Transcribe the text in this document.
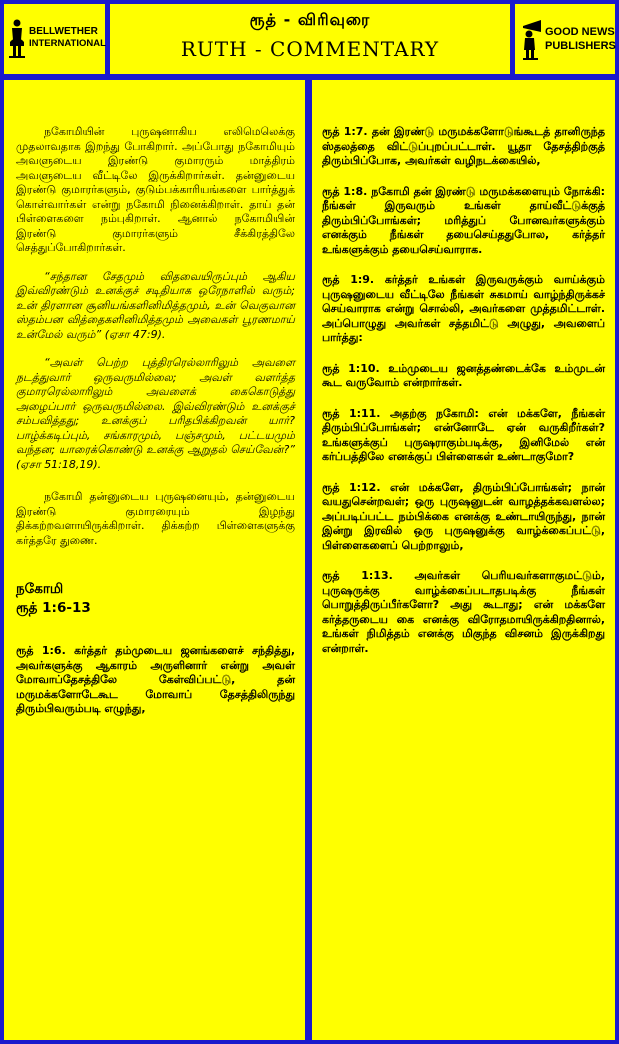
BELLWETHER
INTERNATIONAL
ரூத் - விரிவுரை
RUTH - COMMENTARY
GOOD NEWS
PUBLISHERS

நகோமியின் புருஷனாகிய எலிமெலெக்கு முதலாவதாக இறந்து போகிறார். அப்போது நகோமியும் அவளுடைய இரண்டு குமாரரும் மாத்திரம் அவளுடைய வீட்டிலே இருக்கிறார்கள். தன்னுடைய இரண்டு குமாரர்களும், குடும்பக்காரியங்களை பார்த்துக் கொள்வார்கள் என்று நகோமி நினைக்கிறாள். தாய் தன் பிள்ளைகளை நம்புகிறாள். ஆனால் நகோமியின் இரண்டு குமாரர்களும் சீக்கிரத்திலே செத்துப்போகிறார்கள்.

“சந்தான சேதமும் விதவையிருப்பும் ஆகிய இவ்விரண்டும் உனக்குச் சடிதியாக ஒரேநாளில் வரும்; உன் திரளான சூனியங்களினிமித்தமும், உன் வெகுவான ஸ்தம்பன வித்தைகளினிமித்தமும் அவைகள் பூரணமாய் உன்மேல் வரும்” (ஏசா 47:9).

“அவள் பெற்ற புத்திரரெல்லாரிலும் அவளை நடத்துவார் ஒருவருமில்லை; அவள் வளர்த்த குமாரரெல்லாரிலும் அவளைக் கைகொடுத்து அழைப்பார் ஒருவருமில்லை. இவ்விரண்டும் உனக்குச் சம்பவித்தது; உனக்குப் பரிதபிக்கிறவன் யார்? பாழ்க்கடிப்பும், சங்காரமும், பஞ்சமும், பட்டயமும் வந்தன; யாரைக்கொண்டு உனக்கு ஆறுதல் செய்வேன்?” (ஏசா 51:18,19).

நகோமி தன்னுடைய புருஷனையும், தன்னுடைய இரண்டு குமாரரையும் இழந்து திக்கற்றவளாயிருக்கிறாள். திக்கற்ற பிள்ளைகளுக்கு கர்த்தரே துணை.

நகோமி
ரூத் 1:6-13

ரூத் 1:6. கர்த்தர் தம்முடைய ஜனங்களைச் சந்தித்து, அவர்களுக்கு ஆகாரம் அருளினார் என்று அவள் மோவாப்தேசத்திலே கேள்விப்பட்டு, தன் மருமக்களோடேகூட மோவாப் தேசத்திலிருந்து திரும்பிவரும்படி எழுந்து,

ரூத் 1:7. தன் இரண்டு மருமக்களோடுங்கூடத் தானிருந்த ஸ்தலத்தை விட்டுப்புறப்பட்டாள். யூதா தேசத்திற்குத் திரும்பிப்போக, அவர்கள் வழிநடக்கையில்,

ரூத் 1:8. நகோமி தன் இரண்டு மருமக்களையும் நோக்கி: நீங்கள் இருவரும் உங்கள் தாய்வீட்டுக்குத் திரும்பிப்போங்கள்; மரித்துப் போனவர்களுக்கும் எனக்கும் நீங்கள் தயைசெய்ததுபோல, கர்த்தர் உங்களுக்கும் தயைசெய்வாராக.

ரூத் 1:9. கர்த்தர் உங்கள் இருவருக்கும் வாய்க்கும் புருஷனுடைய வீட்டிலே நீங்கள் சுகமாய் வாழ்ந்திருக்கச் செய்வாராக என்று சொல்லி, அவர்களை முத்தமிட்டாள். அப்பொழுது அவர்கள் சத்தமிட்டு அழுது, அவளைப் பார்த்து:

ரூத் 1:10. உம்முடைய ஜனத்தண்டைக்கே உம்முடன் கூட வருவோம் என்றார்கள்.

ரூத் 1:11. அதற்கு நகோமி: என் மக்களே, நீங்கள் திரும்பிப்போங்கள்; என்னோடே ஏன் வருகிறீர்கள்? உங்களுக்குப் புருஷராகும்படிக்கு, இனிமேல் என் கர்ப்பத்திலே எனக்குப் பிள்ளைகள் உண்டாகுமோ?

ரூத் 1:12. என் மக்களே, திரும்பிப்போங்கள்; நான் வயதுசென்றவள்; ஒரு புருஷனுடன் வாழத்தக்கவளல்ல; அப்படிப்பட்ட நம்பிக்கை எனக்கு உண்டாயிருந்து, நான் இன்று இரவில் ஒரு புருஷனுக்கு வாழ்க்கைப்பட்டு, பிள்ளைகளைப் பெற்றாலும்,

ரூத் 1:13. அவர்கள் பெரியவர்களாகுமட்டும், புருஷருக்கு வாழ்க்கைப்படாதபடிக்கு நீங்கள் பொறுத்திருப்பீர்களோ? அது கூடாது; என் மக்களே கர்த்தருடைய கை எனக்கு விரோதமாயிருக்கிறதினால், உங்கள் நிமித்தம் எனக்கு மிகுந்த விசனம் இருக்கிறது என்றாள்.
